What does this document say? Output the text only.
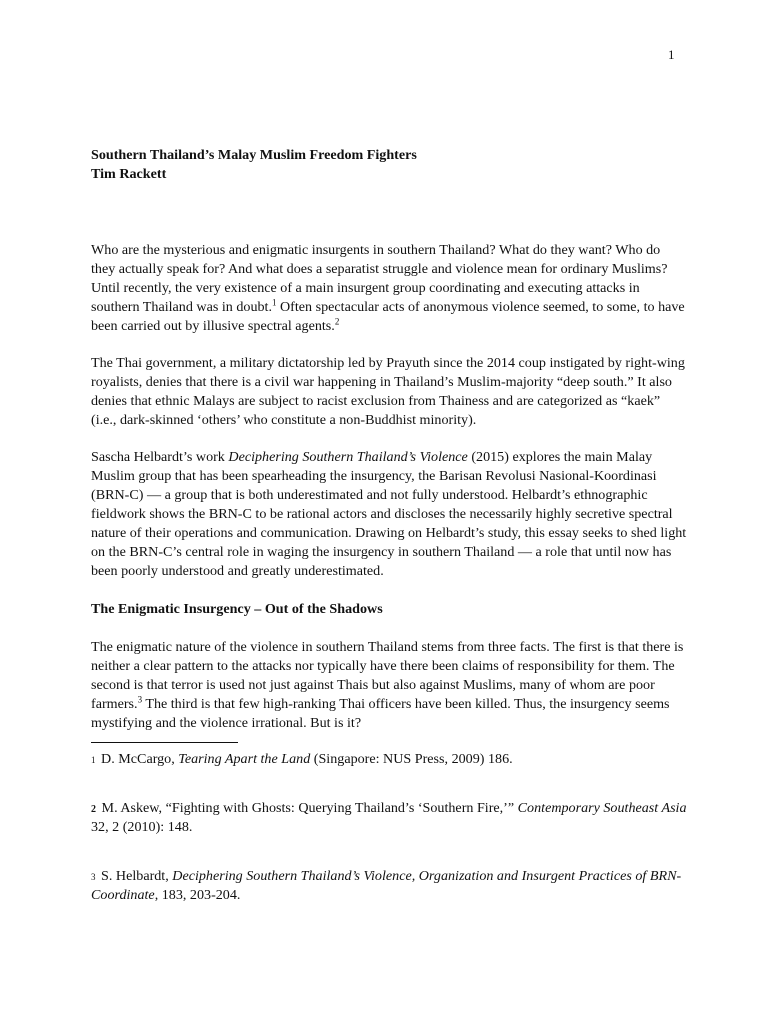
1
Southern Thailand’s Malay Muslim Freedom Fighters
Tim Rackett

Who are the mysterious and enigmatic insurgents in southern Thailand? What do they want? Who do they actually speak for? And what does a separatist struggle and violence mean for ordinary Muslims? Until recently, the very existence of a main insurgent group coordinating and executing attacks in southern Thailand was in doubt.$^1$ Often spectacular acts of anonymous violence seemed, to some, to have been carried out by illusive spectral agents.$^2$

The Thai government, a military dictatorship led by Prayuth since the 2014 coup instigated by right-wing royalists, denies that there is a civil war happening in Thailand’s Muslim-majority “deep south.” It also denies that ethnic Malays are subject to racist exclusion from Thainess and are categorized as “kaek” (i.e., dark-skinned ‘others’ who constitute a non-Buddhist minority).

Sascha Helbardt’s work Deciphering Southern Thailand’s Violence (2015) explores the main Malay Muslim group that has been spearheading the insurgency, the Barisan Revolusi Nasional-Koordinasi (BRN-C) — a group that is both underestimated and not fully understood. Helbardt’s ethnographic fieldwork shows the BRN-C to be rational actors and discloses the necessarily highly secretive spectral nature of their operations and communication. Drawing on Helbardt’s study, this essay seeks to shed light on the BRN-C’s central role in waging the insurgency in southern Thailand — a role that until now has been poorly understood and greatly underestimated.

The Enigmatic Insurgency – Out of the Shadows

The enigmatic nature of the violence in southern Thailand stems from three facts. The first is that there is neither a clear pattern to the attacks nor typically have there been claims of responsibility for them. The second is that terror is used not just against Thais but also against Muslims, many of whom are poor farmers.$^3$ The third is that few high-ranking Thai officers have been killed. Thus, the insurgency seems mystifying and the violence irrational. But is it?

$^1$ D. McCargo, Tearing Apart the Land (Singapore: NUS Press, 2009) 186.
$^2$ M. Askew, “Fighting with Ghosts: Querying Thailand’s ‘Southern Fire,’” Contemporary Southeast Asia 32, 2 (2010): 148.
$^3$ S. Helbardt, Deciphering Southern Thailand’s Violence, Organization and Insurgent Practices of BRN-Coordinate, 183, 203-204.
